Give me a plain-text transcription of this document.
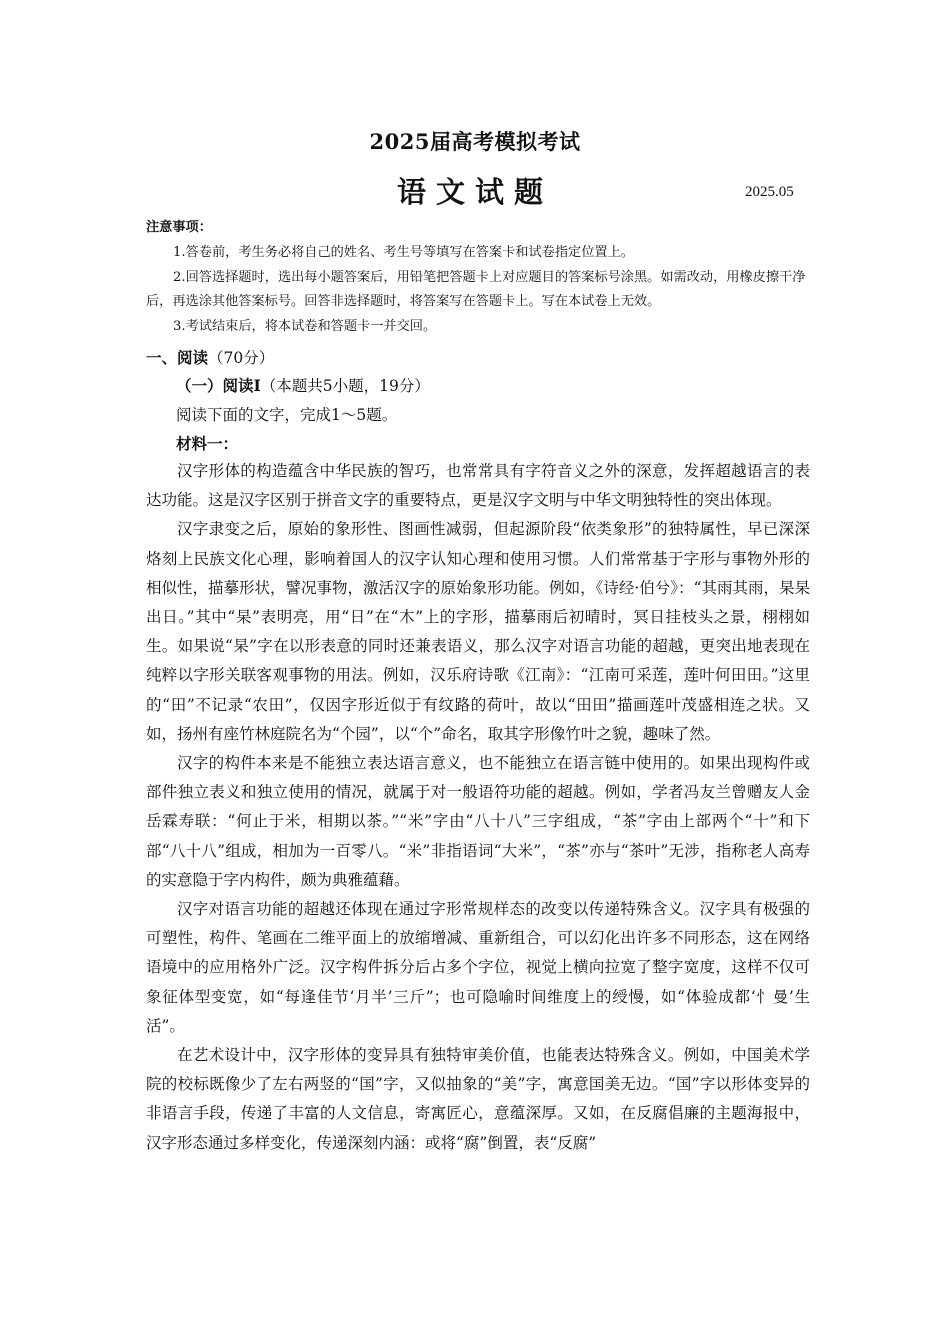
2025届高考模拟考试
语文试题	2025.05
注意事项：
1.答卷前，考生务必将自己的姓名、考生号等填写在答案卡和试卷指定位置上。
2.回答选择题时，选出每小题答案后，用铅笔把答题卡上对应题目的答案标号涂黑。如需改动，用橡皮擦干净后，再选涂其他答案标号。回答非选择题时，将答案写在答题卡上。写在本试卷上无效。
3.考试结束后，将本试卷和答题卡一并交回。
一、阅读（70分）
（一）阅读Ⅰ（本题共5小题，19分）
阅读下面的文字，完成1～5题。
材料一：

汉字形体的构造蕴含中华民族的智巧，也常常具有字符音义之外的深意，发挥超越语言的表达功能。这是汉字区别于拼音文字的重要特点，更是汉字文明与中华文明独特性的突出体现。

汉字隶变之后，原始的象形性、图画性减弱，但起源阶段“依类象形”的独特属性，早已深深烙刻上民族文化心理，影响着国人的汉字认知心理和使用习惯。人们常常基于字形与事物外形的相似性，描摹形状，譬况事物，激活汉字的原始象形功能。例如，《诗经·伯兮》：“其雨其雨，杲杲出日。”其中“杲”表明亮，用“日”在“木”上的字形，描摹雨后初晴时，冥日挂枝头之景，栩栩如生。如果说“杲”字在以形表意的同时还兼表语义，那么汉字对语言功能的超越，更突出地表现在纯粹以字形关联客观事物的用法。例如，汉乐府诗歌《江南》：“江南可采莲，莲叶何田田。”这里的“田”不记录“农田”，仅因字形近似于有纹路的荷叶，故以“田田”描画莲叶茂盛相连之状。又如，扬州有座竹林庭院名为“个园”，以“个”命名，取其字形像竹叶之貌，趣味了然。

汉字的构件本来是不能独立表达语言意义，也不能独立在语言链中使用的。如果出现构件或部件独立表义和独立使用的情况，就属于对一般语符功能的超越。例如，学者冯友兰曾赠友人金岳霖寿联：“何止于米，相期以茶。”“米”字由“八十八”三字组成，“茶”字由上部两个“十”和下部“八十八”组成，相加为一百零八。“米”非指语词“大米”，“茶”亦与“茶叶”无涉，指称老人高寿的实意隐于字内构件，颇为典雅蕴藉。

汉字对语言功能的超越还体现在通过字形常规样态的改变以传递特殊含义。汉字具有极强的可塑性，构件、笔画在二维平面上的放缩增减、重新组合，可以幻化出许多不同形态，这在网络语境中的应用格外广泛。汉字构件拆分后占多个字位，视觉上横向拉宽了整字宽度，这样不仅可象征体型变宽，如“每逢佳节‘月半’三斤”；也可隐喻时间维度上的绶慢，如“体验成都‘忄曼’生活”。

在艺术设计中，汉字形体的变异具有独特审美价值，也能表达特殊含义。例如，中国美术学院的校标既像少了左右两竖的“国”字，又似抽象的“美”字，寓意国美无边。“国”字以形体变异的非语言手段，传递了丰富的人文信息，寄寓匠心，意蕴深厚。又如，在反腐倡廉的主题海报中，汉字形态通过多样变化，传递深刻内涵：或将“腐”倒置，表“反腐”
